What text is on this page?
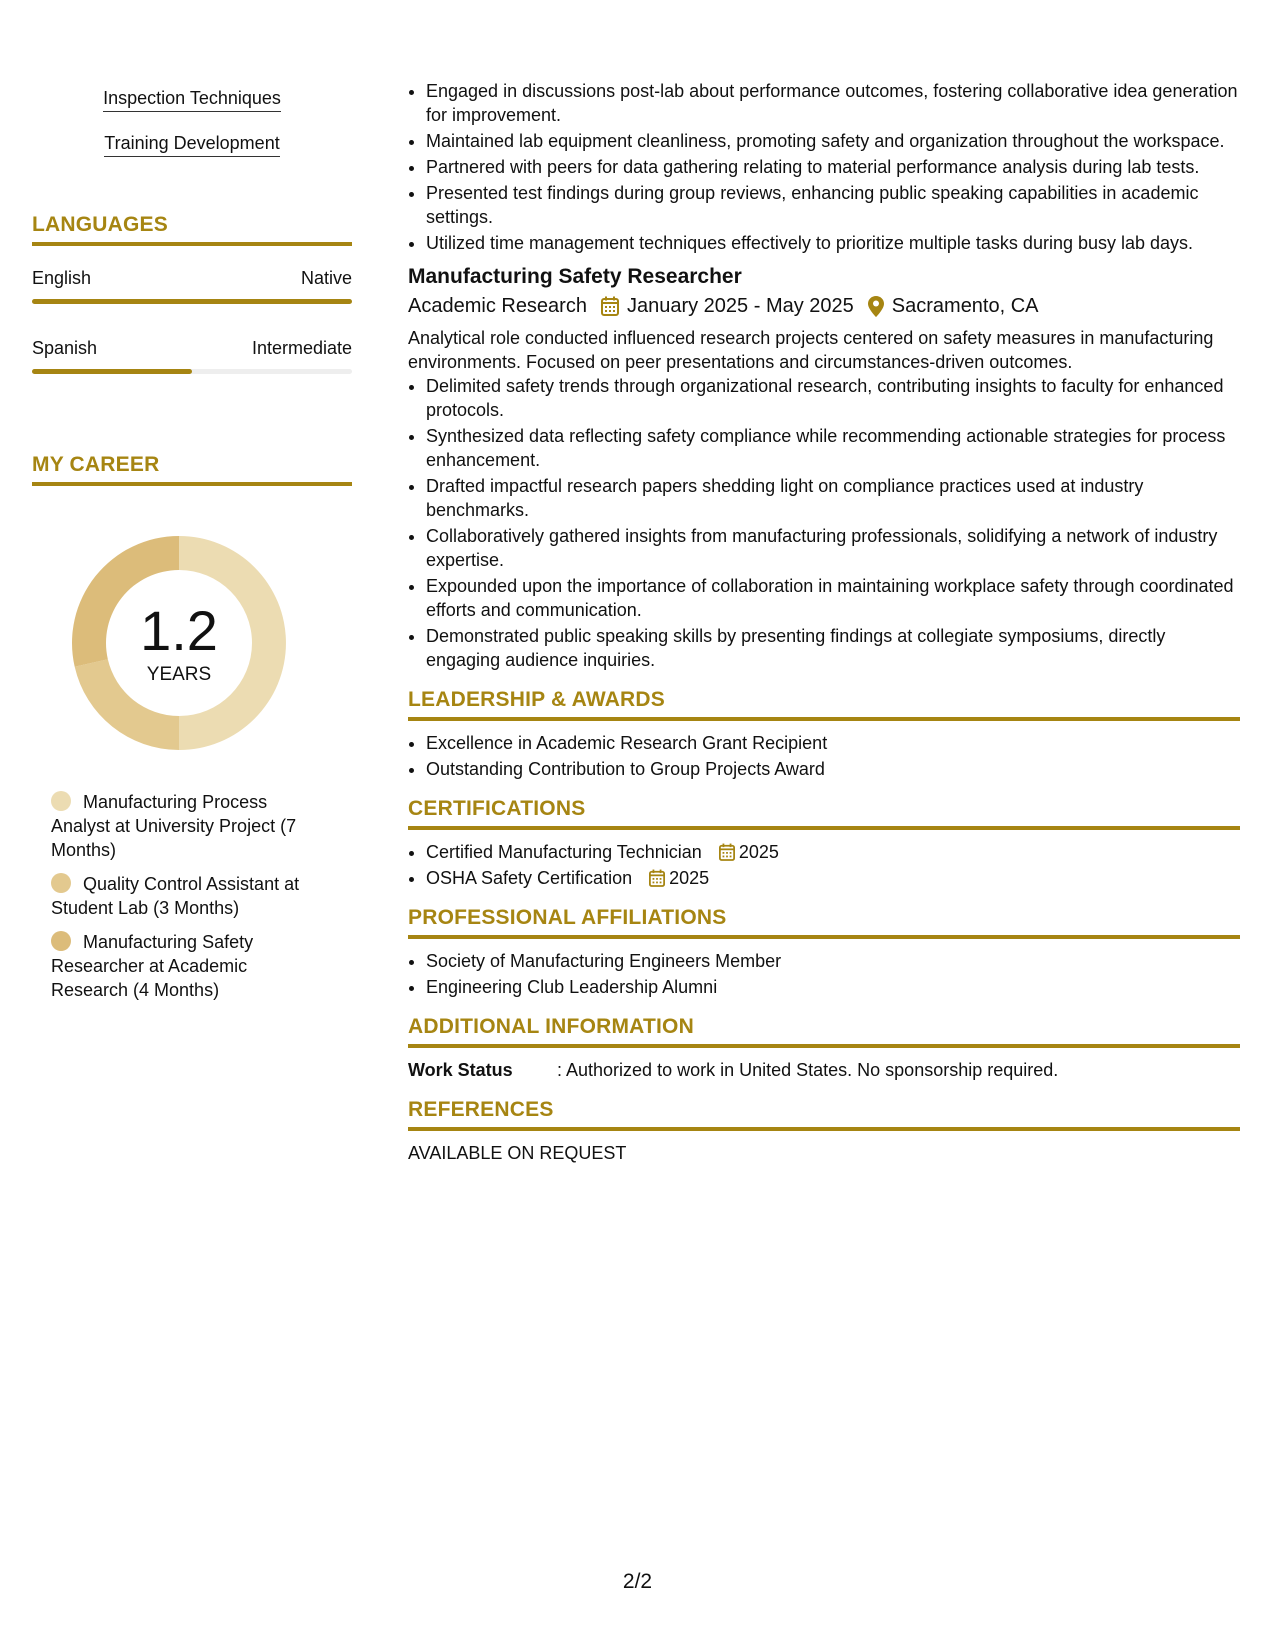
Inspection Techniques
Training Development
LANGUAGES
English	Native
Spanish	Intermediate
MY CAREER
1.2
YEARS
Manufacturing Process Analyst at University Project (7 Months)
Quality Control Assistant at Student Lab (3 Months)
Manufacturing Safety Researcher at Academic Research (4 Months)
• Engaged in discussions post-lab about performance outcomes, fostering collaborative idea generation for improvement.
• Maintained lab equipment cleanliness, promoting safety and organization throughout the workspace.
• Partnered with peers for data gathering relating to material performance analysis during lab tests.
• Presented test findings during group reviews, enhancing public speaking capabilities in academic settings.
• Utilized time management techniques effectively to prioritize multiple tasks during busy lab days.
Manufacturing Safety Researcher
Academic Research January 2025 - May 2025 Sacramento, CA
Analytical role conducted influenced research projects centered on safety measures in manufacturing environments. Focused on peer presentations and circumstances-driven outcomes.
• Delimited safety trends through organizational research, contributing insights to faculty for enhanced protocols.
• Synthesized data reflecting safety compliance while recommending actionable strategies for process enhancement.
• Drafted impactful research papers shedding light on compliance practices used at industry benchmarks.
• Collaboratively gathered insights from manufacturing professionals, solidifying a network of industry expertise.
• Expounded upon the importance of collaboration in maintaining workplace safety through coordinated efforts and communication.
• Demonstrated public speaking skills by presenting findings at collegiate symposiums, directly engaging audience inquiries.
LEADERSHIP & AWARDS
• Excellence in Academic Research Grant Recipient
• Outstanding Contribution to Group Projects Award
CERTIFICATIONS
• Certified Manufacturing Technician 2025
• OSHA Safety Certification 2025
PROFESSIONAL AFFILIATIONS
• Society of Manufacturing Engineers Member
• Engineering Club Leadership Alumni
ADDITIONAL INFORMATION
Work Status	: Authorized to work in United States. No sponsorship required.
REFERENCES
AVAILABLE ON REQUEST
2/2
